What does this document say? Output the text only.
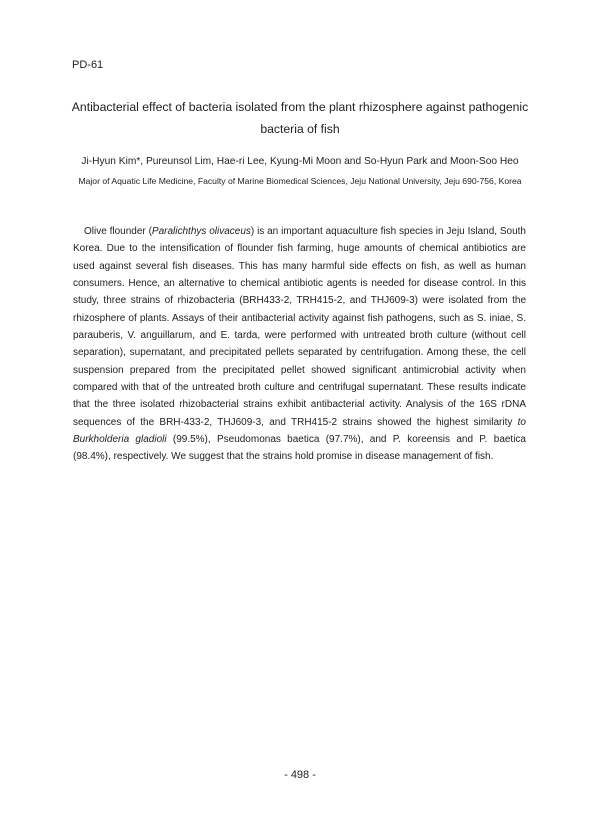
PD-61
Antibacterial effect of bacteria isolated from the plant rhizosphere against pathogenic bacteria of fish
Ji-Hyun Kim*, Pureunsol Lim, Hae-ri Lee, Kyung-Mi Moon and So-Hyun Park and Moon-Soo Heo
Major of Aquatic Life Medicine, Faculty of Marine Biomedical Sciences, Jeju National University, Jeju 690-756, Korea

Olive flounder (Paralichthys olivaceus) is an important aquaculture fish species in Jeju Island, South Korea. Due to the intensification of flounder fish farming, huge amounts of chemical antibiotics are used against several fish diseases. This has many harmful side effects on fish, as well as human consumers. Hence, an alternative to chemical antibiotic agents is needed for disease control. In this study, three strains of rhizobacteria (BRH433-2, TRH415-2, and THJ609-3) were isolated from the rhizosphere of plants. Assays of their antibacterial activity against fish pathogens, such as S. iniae, S. parauberis, V. anguillarum, and E. tarda, were performed with untreated broth culture (without cell separation), supernatant, and precipitated pellets separated by centrifugation. Among these, the cell suspension prepared from the precipitated pellet showed significant antimicrobial activity when compared with that of the untreated broth culture and centrifugal supernatant. These results indicate that the three isolated rhizobacterial strains exhibit antibacterial activity. Analysis of the 16S rDNA sequences of the BRH-433-2, THJ609-3, and TRH415-2 strains showed the highest similarity to Burkholderia gladioli (99.5%), Pseudomonas baetica (97.7%), and P. koreensis and P. baetica (98.4%), respectively. We suggest that the strains hold promise in disease management of fish.

- 498 -
